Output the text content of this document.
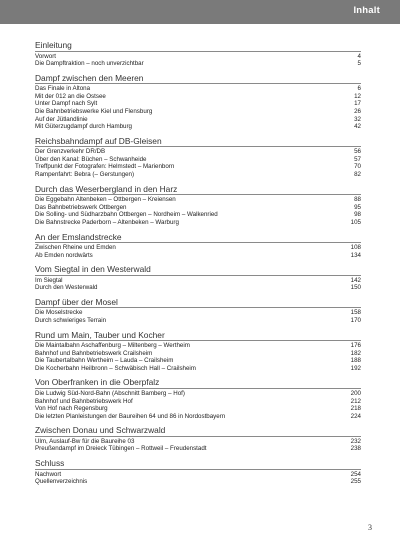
Inhalt
Einleitung
Vorwort	4
Die Dampftraktion – noch unverzichtbar	5
Dampf zwischen den Meeren
Das Finale in Altona	6
Mit der 012 an die Ostsee	12
Unter Dampf nach Sylt	17
Die Bahnbetriebswerke Kiel und Flensburg	26
Auf der Jütlandlinie	32
Mit Güterzugdampf durch Hamburg	42
Reichsbahndampf auf DB-Gleisen
Der Grenzverkehr DR/DB	56
Über den Kanal: Büchen – Schwanheide	57
Treffpunkt der Fotografen: Helmstedt – Marienborn	70
Rampenfahrt: Bebra (– Gerstungen)	82
Durch das Weserbergland in den Harz
Die Eggebahn Altenbeken – Ottbergen – Kreiensen	88
Das Bahnbetriebswerk Ottbergen	95
Die Solling- und Südharzbahn Ottbergen – Nordheim – Walkenried	98
Die Bahnstrecke Paderborn – Altenbeken – Warburg	105
An der Emslandstrecke
Zwischen Rheine und Emden	108
Ab Emden nordwärts	134
Vom Siegtal in den Westerwald
Im Siegtal	142
Durch den Westerwald	150
Dampf über der Mosel
Die Moselstrecke	158
Durch schwieriges Terrain	170
Rund um Main, Tauber und Kocher
Die Maintalbahn Aschaffenburg – Miltenberg – Wertheim	176
Bahnhof und Bahnbetriebswerk Crailsheim	182
Die Taubertalbahn Wertheim – Lauda – Crailsheim	188
Die Kocherbahn Heilbronn – Schwäbisch Hall – Crailsheim	192
Von Oberfranken in die Oberpfalz
Die Ludwig Süd-Nord-Bahn (Abschnitt Bamberg – Hof)	200
Bahnhof und Bahnbetriebswerk Hof	212
Von Hof nach Regensburg	218
Die letzten Planleistungen der Baureihen 64 und 86 in Nordostbayern	224
Zwischen Donau und Schwarzwald
Ulm, Auslauf-Bw für die Baureihe 03	232
Preußendampf im Dreieck Tübingen – Rottweil – Freudenstadt	238
Schluss
Nachwort	254
Quellenverzeichnis	255
3
